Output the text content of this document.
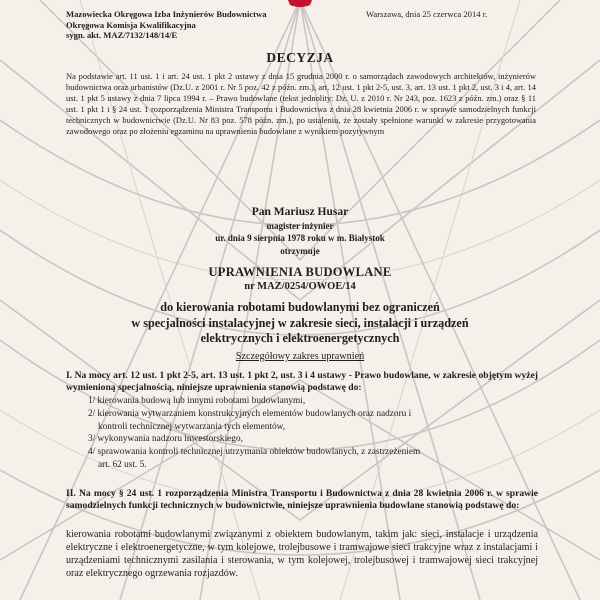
Mazowiecka Okręgowa Izba Inżynierów Budownictwa
Okręgowa Komisja Kwalifikacyjna
sygn. akt. MAZ/7132/148/14/E
Warszawa, dnia 25 czerwca 2014 r.
DECYZJA
Na podstawie art. 11 ust. 1 i art. 24 ust. 1 pkt 2 ustawy z dnia 15 grudnia 2000 r. o samorządach zawodowych architektów, inżynierów budownictwa oraz urbanistów (Dz.U. z 2001 r. Nr 5 poz. 42 z późn. zm.), art. 12 ust. 1 pkt 2-5, ust. 3, art. 13 ust. 1 pkt 2, ust. 3 i 4, art. 14 ust. 1 pkt 5 ustawy z dnia 7 lipca 1994 r. – Prawo budowlane (tekst jednolity: Dz. U. z 2010 r. Nr 243, poz. 1623 z późn. zm.) oraz § 11 ust. 1 pkt 1 i § 24 ust. 1 rozporządzenia Ministra Transportu i Budownictwa z dnia 28 kwietnia 2006 r. w sprawie samodzielnych funkcji technicznych w budownictwie (Dz.U. Nr 83 poz. 578 późn. zm.), po ustaleniu, że zostały spełnione warunki w zakresie przygotowania zawodowego oraz po złożeniu egzaminu na uprawnienia budowlane z wynikiem pozytywnym
Pan Mariusz Husar
magister inżynier
ur. dnia 9 sierpnia 1978 roku w m. Białystok
otrzymuje
UPRAWNIENIA BUDOWLANE
nr MAZ/0254/OWOE/14
do kierowania robotami budowlanymi bez ograniczeń
w specjalności instalacyjnej w zakresie sieci, instalacji i urządzeń
elektrycznych i elektroenergetycznych
Szczegółowy zakres uprawnień
I. Na mocy art. 12 ust. 1 pkt 2-5, art. 13 ust. 1 pkt 2, ust. 3 i 4 ustawy - Prawo budowlane, w zakresie objętym wyżej wymienioną specjalnością, niniejsze uprawnienia stanowią podstawę do:
1/ kierowania budową lub innymi robotami budowlanymi,
2/ kierowania wytwarzaniem konstrukcyjnych elementów budowlanych oraz nadzoru i
kontroli technicznej wytwarzania tych elementów,
3/ wykonywania nadzoru inwestorskiego,
4/ sprawowania kontroli technicznej utrzymania obiektów budowlanych, z zastrzeżeniem
art. 62 ust. 5.
II. Na mocy § 24 ust. 1 rozporządzenia Ministra Transportu i Budownictwa z dnia 28 kwietnia 2006 r. w sprawie samodzielnych funkcji technicznych w budownictwie, niniejsze uprawnienia budowlane stanowią podstawę do:
kierowania robotami budowlanymi związanymi z obiektem budowlanym, takim jak: sieci, instalacje i urządzenia elektryczne i elektroenergetyczne, w tym kolejowe, trolejbusowe i tramwajowe sieci trakcyjne wraz z instalacjami i urządzeniami technicznymi zasilania i sterowania, w tym kolejowej, trolejbusowej i tramwajowej sieci trakcyjnej oraz elektrycznego ogrzewania rozjazdów.
